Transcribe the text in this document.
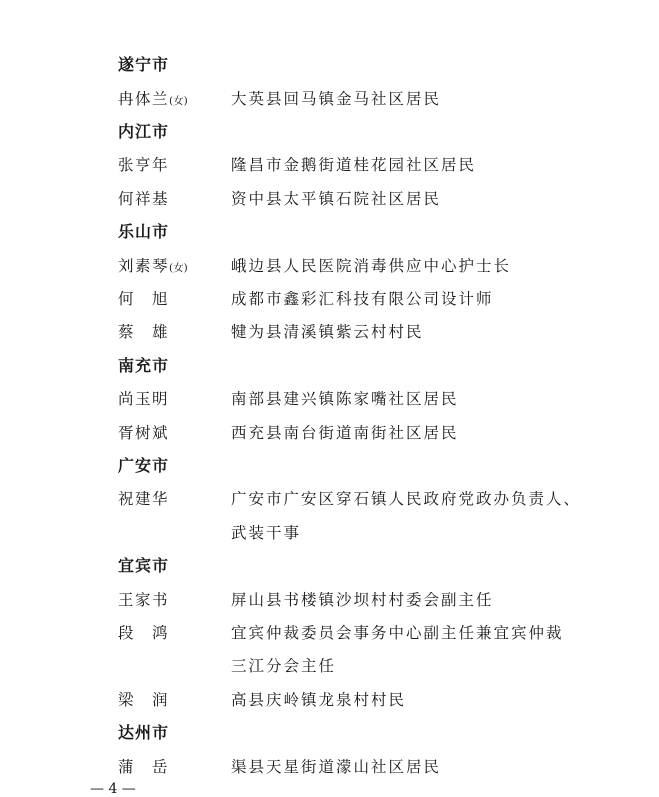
遂宁市
冉体兰(女)	大英县回马镇金马社区居民
内江市
张亨年	隆昌市金鹅街道桂花园社区居民
何祥基	资中县太平镇石院社区居民
乐山市
刘素琴(女)	峨边县人民医院消毒供应中心护士长
何　旭	成都市鑫彩汇科技有限公司设计师
蔡　雄	犍为县清溪镇紫云村村民
南充市
尚玉明	南部县建兴镇陈家嘴社区居民
胥树斌	西充县南台街道南街社区居民
广安市
祝建华	广安市广安区穿石镇人民政府党政办负责人、
武装干事
宜宾市
王家书	屏山县书楼镇沙坝村村委会副主任
段　鸿	宜宾仲裁委员会事务中心副主任兼宜宾仲裁
三江分会主任
梁　润	高县庆岭镇龙泉村村民
达州市
蒲　岳	渠县天星街道濛山社区居民
— 4 —
